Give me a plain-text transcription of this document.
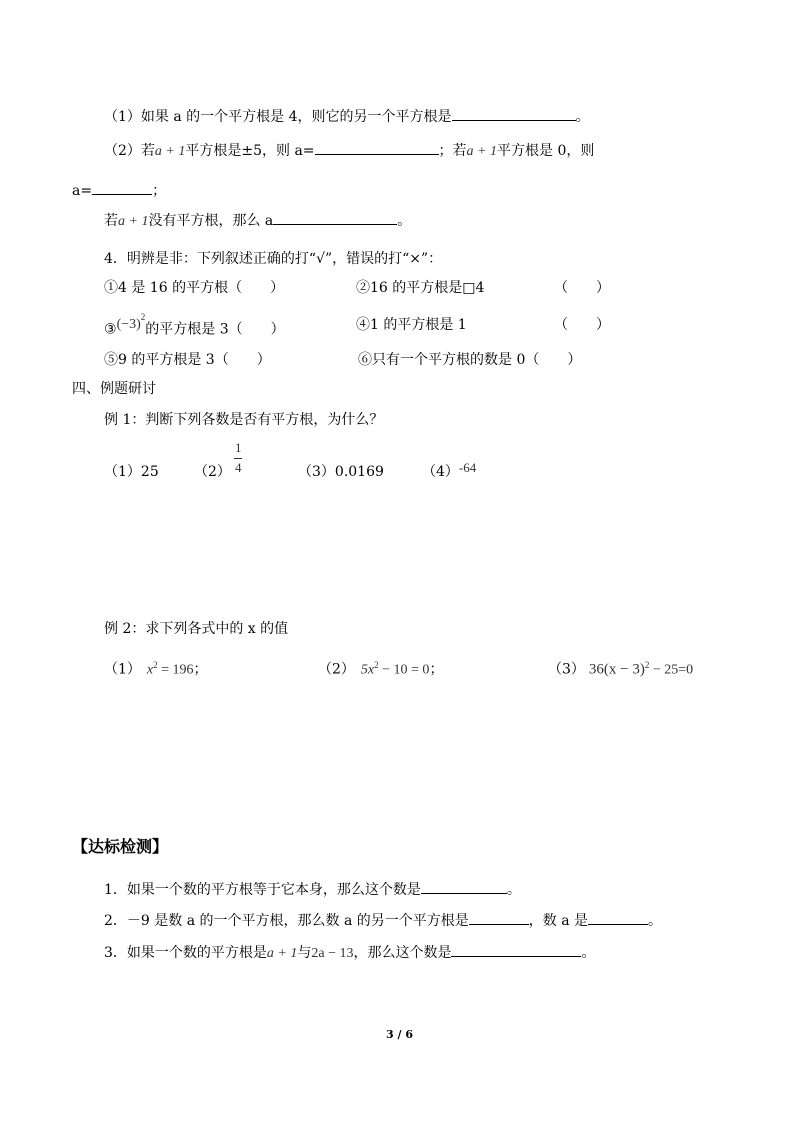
（1）如果 a 的一个平方根是 4，则它的另一个平方根是	。
（2）若a + 1平方根是±5，则 a=	；若a + 1平方根是 0，则
a=	；
若a + 1没有平方根，那么 a	。
4．明辨是非：下列叙述正确的打“√”，错误的打“×”：
①4 是 16 的平方根（　　）	②16 的平方根是□4	（　　）
$③(-3)^2$的平方根是 3（　　）	④1 的平方根是 1	（　　）
⑤9 的平方根是 3（　　）	⑥只有一个平方根的数是 0（　　）
四、例题研讨
例 1：判断下列各数是否有平方根，为什么？
（1）25	（2）
1
4	（3）0.0169	（4）-64
例 2：求下列各式中的 x 的值
（1） $x^2 = 196$；	（2） $5x^2 - 10 = 0$；	（3） $36(x - 3)^2 - 25=0$
【达标检测】
1．如果一个数的平方根等于它本身，那么这个数是	。
2．－9 是数 a 的一个平方根，那么数 a 的另一个平方根是	，数 a 是	。
3．如果一个数的平方根是a + 1与2a − 13，那么这个数是	。
3 / 6
